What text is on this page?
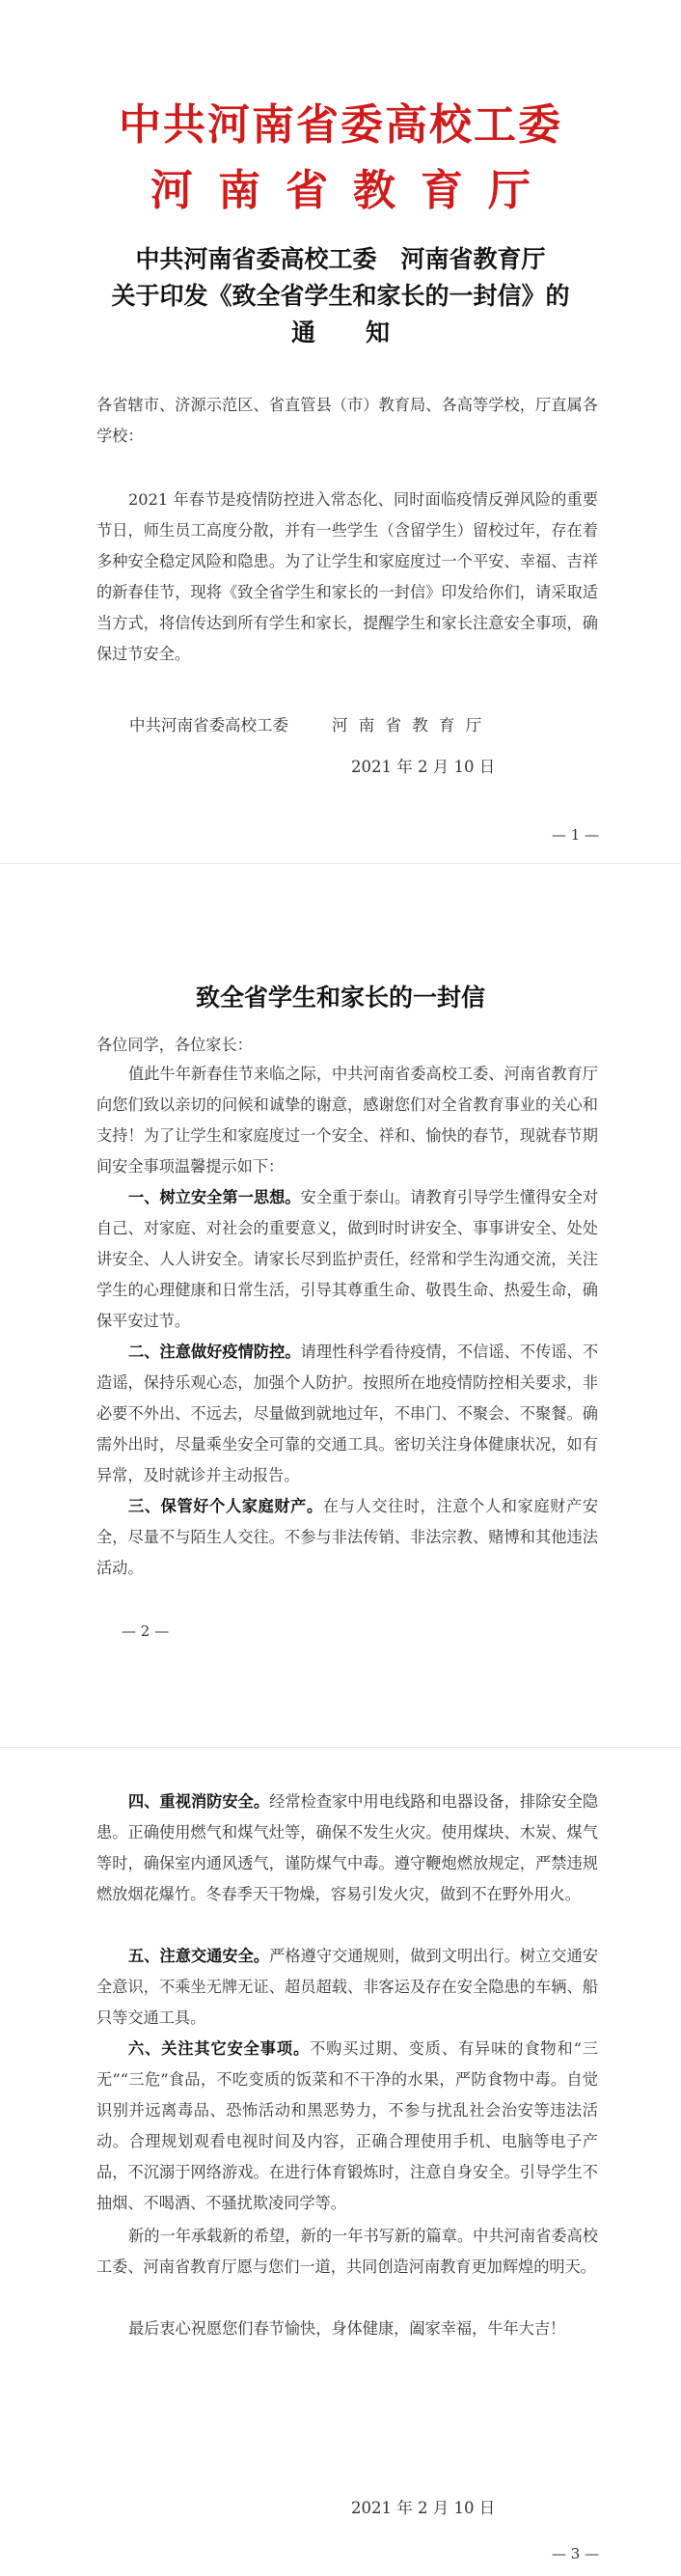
中共河南省委高校工委
河南省教育厅
中共河南省委高校工委　河南省教育厅
关于印发《致全省学生和家长的一封信》的
通知

各省辖市、济源示范区、省直管县（市）教育局、各高等学校，厅直属各学校：

2021 年春节是疫情防控进入常态化、同时面临疫情反弹风险的重要节日，师生员工高度分散，并有一些学生（含留学生）留校过年，存在着多种安全稳定风险和隐患。为了让学生和家庭度过一个平安、幸福、吉祥的新春佳节，现将《致全省学生和家长的一封信》印发给你们，请采取适当方式，将信传达到所有学生和家长，提醒学生和家长注意安全事项，确保过节安全。

中共河南省委高校工委	河 南 省 教 育 厅
2021 年 2 月 10 日
— 1 —
致全省学生和家长的一封信

各位同学，各位家长：

值此牛年新春佳节来临之际，中共河南省委高校工委、河南省教育厅向您们致以亲切的问候和诚挚的谢意，感谢您们对全省教育事业的关心和支持！为了让学生和家庭度过一个安全、祥和、愉快的春节，现就春节期间安全事项温馨提示如下：

一、树立安全第一思想。安全重于泰山。请教育引导学生懂得安全对自己、对家庭、对社会的重要意义，做到时时讲安全、事事讲安全、处处讲安全、人人讲安全。请家长尽到监护责任，经常和学生沟通交流，关注学生的心理健康和日常生活，引导其尊重生命、敬畏生命、热爱生命，确保平安过节。

二、注意做好疫情防控。请理性科学看待疫情，不信谣、不传谣、不造谣，保持乐观心态，加强个人防护。按照所在地疫情防控相关要求，非必要不外出、不远去，尽量做到就地过年，不串门、不聚会、不聚餐。确需外出时，尽量乘坐安全可靠的交通工具。密切关注身体健康状况，如有异常，及时就诊并主动报告。

三、保管好个人家庭财产。在与人交往时，注意个人和家庭财产安全，尽量不与陌生人交往。不参与非法传销、非法宗教、赌博和其他违法活动。

— 2 —

四、重视消防安全。经常检查家中用电线路和电器设备，排除安全隐患。正确使用燃气和煤气灶等，确保不发生火灾。使用煤块、木炭、煤气等时，确保室内通风透气，谨防煤气中毒。遵守鞭炮燃放规定，严禁违规燃放烟花爆竹。冬春季天干物燥，容易引发火灾，做到不在野外用火。

五、注意交通安全。严格遵守交通规则，做到文明出行。树立交通安全意识，不乘坐无牌无证、超员超载、非客运及存在安全隐患的车辆、船只等交通工具。

六、关注其它安全事项。不购买过期、变质、有异味的食物和“三无”“三危”食品，不吃变质的饭菜和不干净的水果，严防食物中毒。自觉识别并远离毒品、恐怖活动和黑恶势力，不参与扰乱社会治安等违法活动。合理规划观看电视时间及内容，正确合理使用手机、电脑等电子产品，不沉溺于网络游戏。在进行体育锻炼时，注意自身安全。引导学生不抽烟、不喝酒、不骚扰欺凌同学等。

新的一年承载新的希望，新的一年书写新的篇章。中共河南省委高校工委、河南省教育厅愿与您们一道，共同创造河南教育更加辉煌的明天。

最后衷心祝愿您们春节愉快，身体健康，阖家幸福，牛年大吉！

2021 年 2 月 10 日
— 3 —
